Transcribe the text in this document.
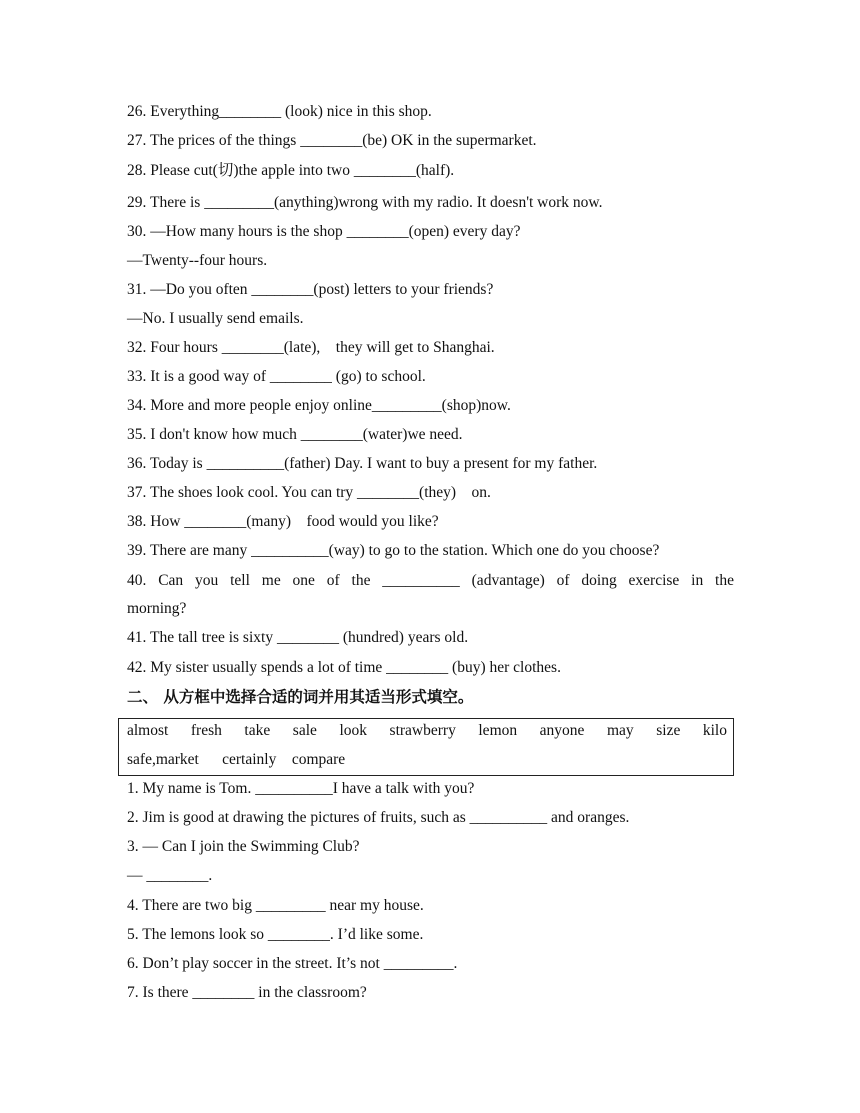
26. Everything________ (look) nice in this shop.
27. The prices of the things ________(be) OK in the supermarket.
28. Please cut(切)the apple into two ________(half).
29. There is _________(anything)wrong with my radio. It doesn't work now.
30. —How many hours is the shop ________(open) every day?
—Twenty--four hours.
31. —Do you often ________(post) letters to your friends?
—No. I usually send emails.
32. Four hours ________(late),    they will get to Shanghai.
33. It is a good way of ________ (go) to school.
34. More and more people enjoy online_________(shop)now.
35. I don't know how much ________(water)we need.
36. Today is __________(father) Day. I want to buy a present for my father.
37. The shoes look cool. You can try ________(they)    on.
38. How ________(many)    food would you like?
39. There are many __________(way) to go to the station. Which one do you choose?
40. Can you tell me one of the __________ (advantage) of doing exercise in the
morning?
41. The tall tree is sixty ________ (hundred) years old.
42. My sister usually spends a lot of time ________ (buy) her clothes.
二、 从方框中选择合适的词并用其适当形式填空。
almost fresh take sale look strawberry lemon anyone may size kilo
safe,market      certainly    compare
1. My name is Tom. __________I have a talk with you?
2. Jim is good at drawing the pictures of fruits, such as __________ and oranges.
3. — Can I join the Swimming Club?
— ________.
4. There are two big _________ near my house.
5. The lemons look so ________. I’d like some.
6. Don’t play soccer in the street. It’s not _________.
7. Is there ________ in the classroom?
